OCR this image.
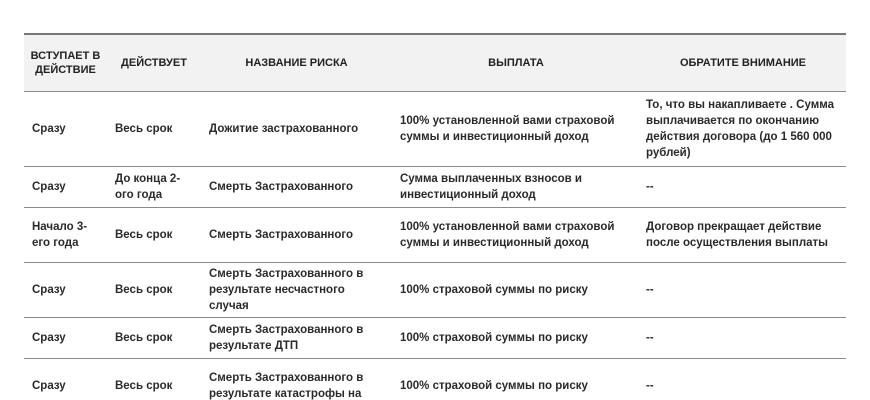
ВСТУПАЕТ В ДЕЙСТВИЕ	ДЕЙСТВУЕТ	НАЗВАНИЕ РИСКА	ВЫПЛАТА	ОБРАТИТЕ ВНИМАНИЕ
Сразу	Весь срок	Дожитие застрахованного	100% установленной вами страховой суммы и инвестиционный доход	То, что вы накапливаете . Сумма выплачивается по окончанию действия договора (до 1 560 000 рублей)
Сразу	До конца 2-ого года	Смерть Застрахованного	Сумма выплаченных взносов и инвестиционный доход	--
Начало 3-его года	Весь срок	Смерть Застрахованного	100% установленной вами страховой суммы и инвестиционный доход	Договор прекращает действие после осуществления выплаты
Сразу	Весь срок	Смерть Застрахованного в результате несчастного случая	100% страховой суммы по риску	--
Сразу	Весь срок	Смерть Застрахованного в результате ДТП	100% страховой суммы по риску	--
Сразу	Весь срок	Смерть Застрахованного в результате катастрофы на	100% страховой суммы по риску	--
